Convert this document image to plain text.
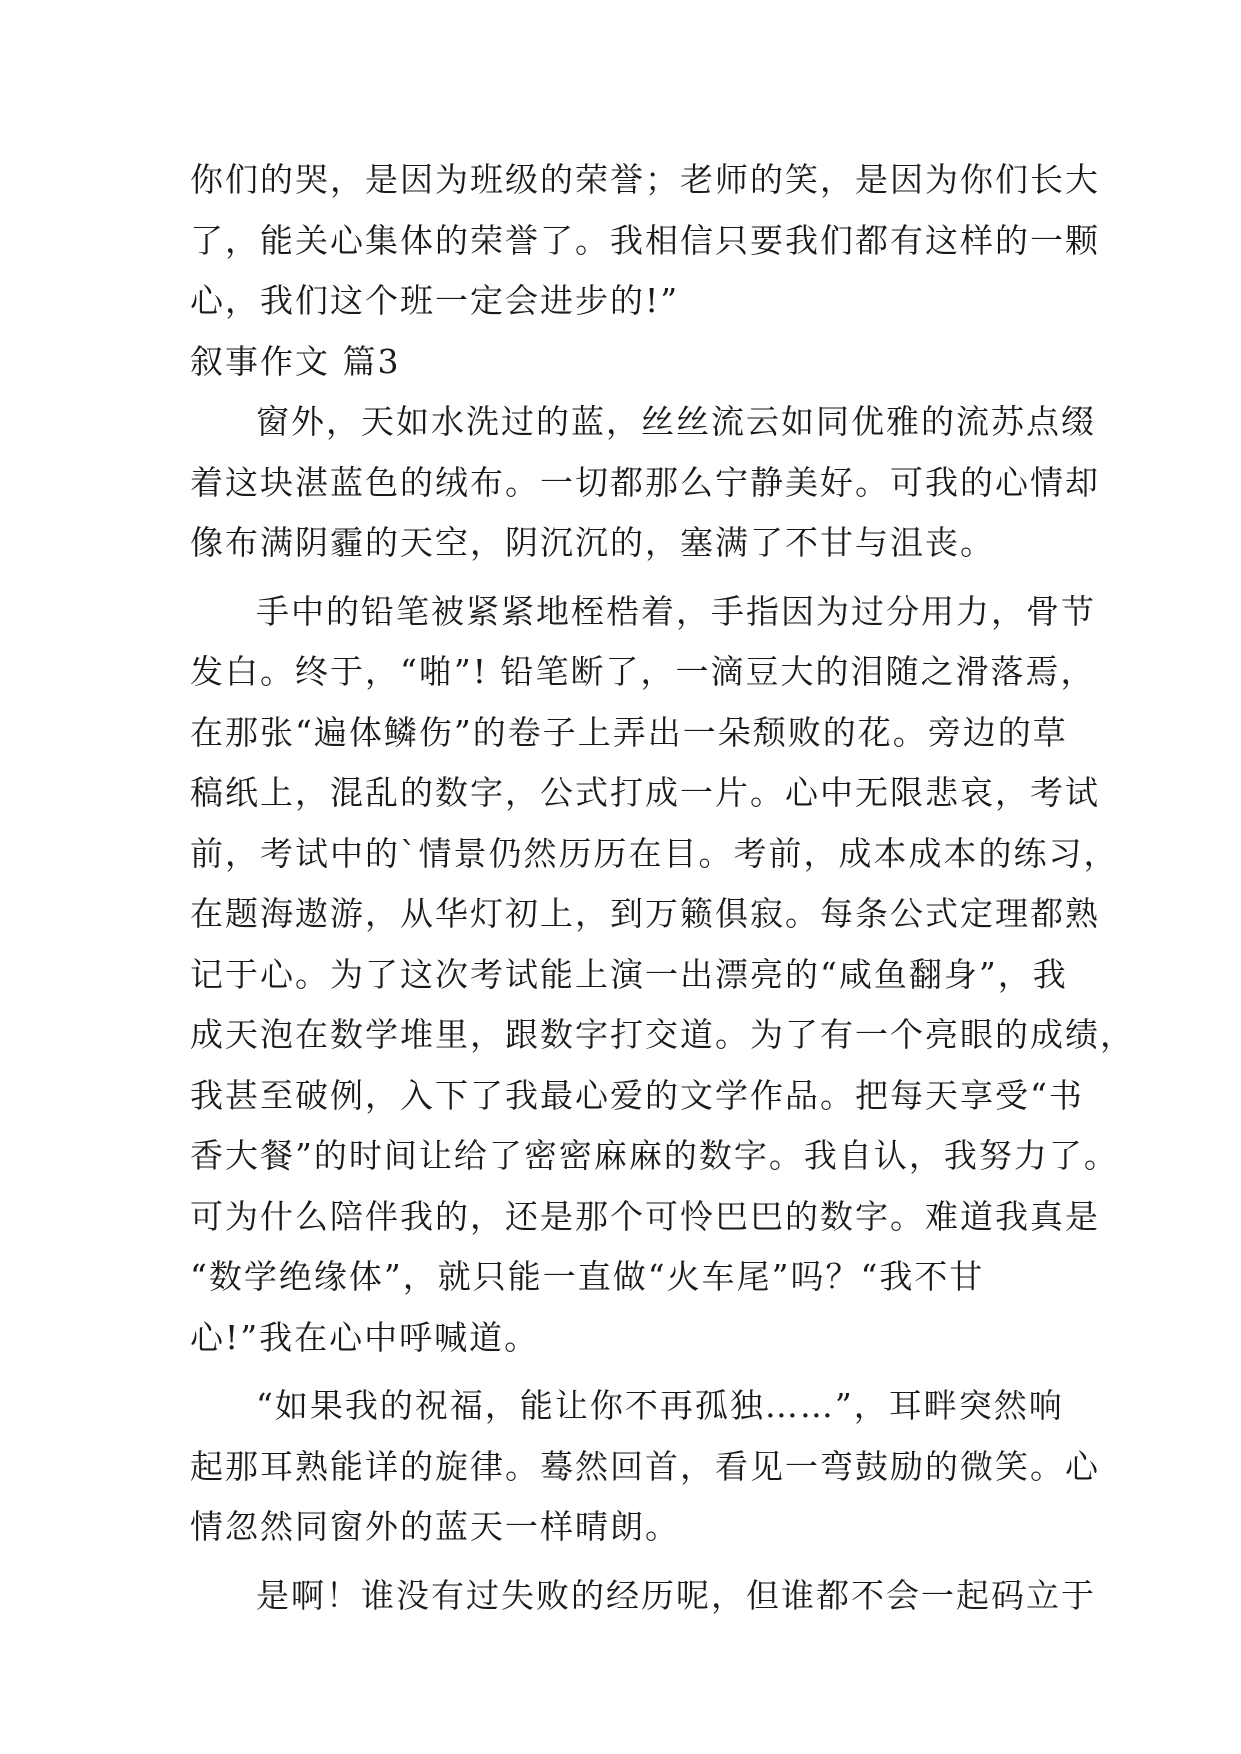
你们的哭，是因为班级的荣誉；老师的笑，是因为你们长大
了，能关心集体的荣誉了。我相信只要我们都有这样的一颗
心，我们这个班一定会进步的!”
叙事作文 篇3
窗外，天如水洗过的蓝，丝丝流云如同优雅的流苏点缀
着这块湛蓝色的绒布。一切都那么宁静美好。可我的心情却
像布满阴霾的天空，阴沉沉的，塞满了不甘与沮丧。
手中的铅笔被紧紧地桎梏着，手指因为过分用力，骨节
发白。终于，“啪”! 铅笔断了，一滴豆大的泪随之滑落焉，
在那张“遍体鳞伤”的卷子上弄出一朵颓败的花。旁边的草
稿纸上，混乱的数字，公式打成一片。心中无限悲哀，考试
前，考试中的`情景仍然历历在目。考前，成本成本的练习，
在题海遨游，从华灯初上，到万籁俱寂。每条公式定理都熟
记于心。为了这次考试能上演一出漂亮的“咸鱼翻身”，我
成天泡在数学堆里，跟数字打交道。为了有一个亮眼的成绩，
我甚至破例，入下了我最心爱的文学作品。把每天享受“书
香大餐”的时间让给了密密麻麻的数字。我自认，我努力了。
可为什么陪伴我的，还是那个可怜巴巴的数字。难道我真是
“数学绝缘体”，就只能一直做“火车尾”吗？“我不甘
心!”我在心中呼喊道。
“如果我的祝福，能让你不再孤独……”，耳畔突然响
起那耳熟能详的旋律。蓦然回首，看见一弯鼓励的微笑。心
情忽然同窗外的蓝天一样晴朗。
是啊！谁没有过失败的经历呢，但谁都不会一起码立于
